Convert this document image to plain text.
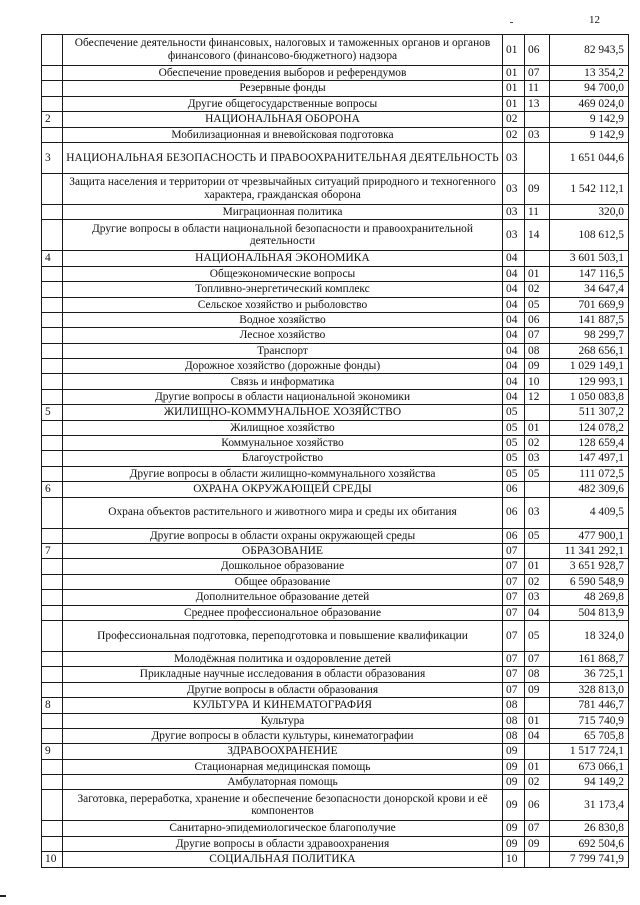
12
	Обеспечение деятельности финансовых, налоговых и таможенных органов и органов финансового (финансово-бюджетного) надзора	01	06	82 943,5
	Обеспечение проведения выборов и референдумов	01	07	13 354,2
	Резервные фонды	01	11	94 700,0
	Другие общегосударственные вопросы	01	13	469 024,0
2	НАЦИОНАЛЬНАЯ ОБОРОНА	02		9 142,9
	Мобилизационная и вневойсковая подготовка	02	03	9 142,9
3	НАЦИОНАЛЬНАЯ БЕЗОПАСНОСТЬ И ПРАВООХРАНИТЕЛЬНАЯ ДЕЯТЕЛЬНОСТЬ	03		1 651 044,6
	Защита населения и территории от чрезвычайных ситуаций природного и техногенного характера, гражданская оборона	03	09	1 542 112,1
	Миграционная политика	03	11	320,0
	Другие вопросы в области национальной безопасности и правоохранительной деятельности	03	14	108 612,5
4	НАЦИОНАЛЬНАЯ ЭКОНОМИКА	04		3 601 503,1
	Общеэкономические вопросы	04	01	147 116,5
	Топливно-энергетический комплекс	04	02	34 647,4
	Сельское хозяйство и рыболовство	04	05	701 669,9
	Водное хозяйство	04	06	141 887,5
	Лесное хозяйство	04	07	98 299,7
	Транспорт	04	08	268 656,1
	Дорожное хозяйство (дорожные фонды)	04	09	1 029 149,1
	Связь и информатика	04	10	129 993,1
	Другие вопросы в области национальной экономики	04	12	1 050 083,8
5	ЖИЛИЩНО-КОММУНАЛЬНОЕ ХОЗЯЙСТВО	05		511 307,2
	Жилищное хозяйство	05	01	124 078,2
	Коммунальное хозяйство	05	02	128 659,4
	Благоустройство	05	03	147 497,1
	Другие вопросы в области жилищно-коммунального хозяйства	05	05	111 072,5
6	ОХРАНА ОКРУЖАЮЩЕЙ СРЕДЫ	06		482 309,6
	Охрана объектов растительного и животного мира и среды их обитания	06	03	4 409,5
	Другие вопросы в области охраны окружающей среды	06	05	477 900,1
7	ОБРАЗОВАНИЕ	07		11 341 292,1
	Дошкольное образование	07	01	3 651 928,7
	Общее образование	07	02	6 590 548,9
	Дополнительное образование детей	07	03	48 269,8
	Среднее профессиональное образование	07	04	504 813,9
	Профессиональная подготовка, переподготовка и повышение квалификации	07	05	18 324,0
	Молодёжная политика и оздоровление детей	07	07	161 868,7
	Прикладные научные исследования в области образования	07	08	36 725,1
	Другие вопросы в области образования	07	09	328 813,0
8	КУЛЬТУРА И КИНЕМАТОГРАФИЯ	08		781 446,7
	Культура	08	01	715 740,9
	Другие вопросы в области культуры, кинематографии	08	04	65 705,8
9	ЗДРАВООХРАНЕНИЕ	09		1 517 724,1
	Стационарная медицинская помощь	09	01	673 066,1
	Амбулаторная помощь	09	02	94 149,2
	Заготовка, переработка, хранение и обеспечение безопасности донорской крови и её компонентов	09	06	31 173,4
	Санитарно-эпидемиологическое благополучие	09	07	26 830,8
	Другие вопросы в области здравоохранения	09	09	692 504,6
10	СОЦИАЛЬНАЯ ПОЛИТИКА	10		7 799 741,9
